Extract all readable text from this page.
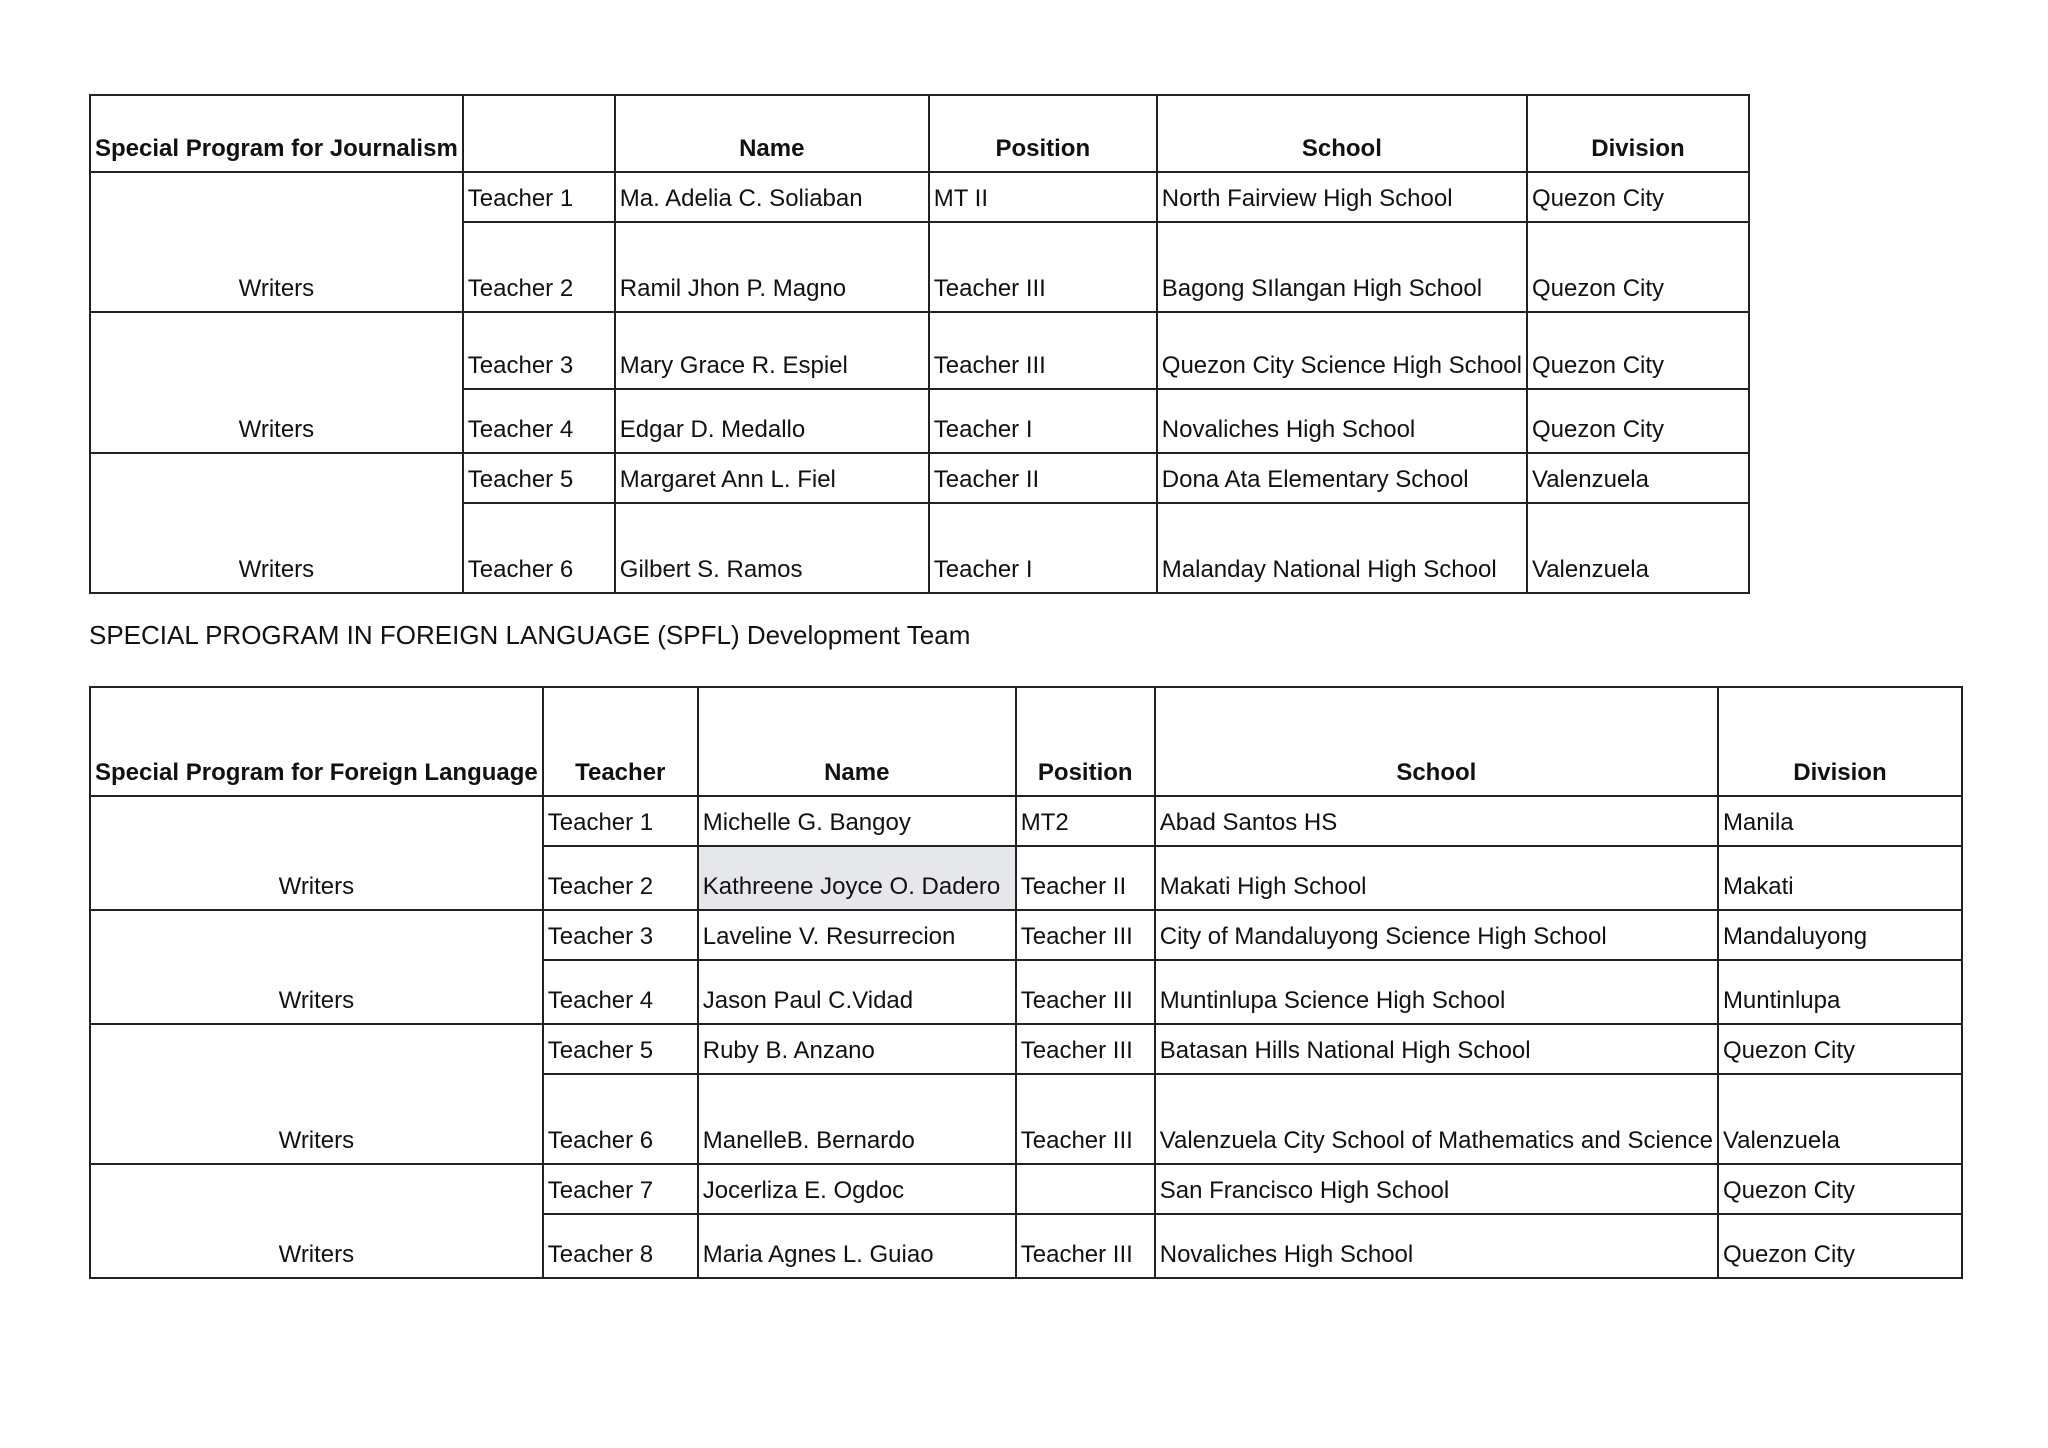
Special Program for Journalism		Name	Position	School	Division
Writers	Teacher 1	Ma. Adelia C. Soliaban	MT II	North Fairview High School	Quezon City
	Teacher 2	Ramil Jhon P. Magno	Teacher III	Bagong SIlangan High School	Quezon City
Writers	Teacher 3	Mary Grace R. Espiel	Teacher III	Quezon City Science High School	Quezon City
	Teacher 4	Edgar D. Medallo	Teacher I	Novaliches High School	Quezon City
Writers	Teacher 5	Margaret Ann L. Fiel	Teacher II	Dona Ata Elementary School	Valenzuela
	Teacher 6	Gilbert S. Ramos	Teacher I	Malanday National High School	Valenzuela
SPECIAL PROGRAM IN FOREIGN LANGUAGE (SPFL) Development Team
Special Program for Foreign Language	Teacher	Name	Position	School	Division
Writers	Teacher 1	Michelle G. Bangoy	MT2	Abad Santos HS	Manila
	Teacher 2	Kathreene Joyce O. Dadero	Teacher II	Makati High School	Makati
Writers	Teacher 3	Laveline V. Resurrecion	Teacher III	City of Mandaluyong Science High School	Mandaluyong
	Teacher 4	Jason Paul C.Vidad	Teacher III	Muntinlupa Science High School	Muntinlupa
Writers	Teacher 5	Ruby B. Anzano	Teacher III	Batasan Hills National High School	Quezon City
	Teacher 6	ManelleB. Bernardo	Teacher III	Valenzuela City School of Mathematics and Science	Valenzuela
Writers	Teacher 7	Jocerliza E. Ogdoc		San Francisco High School	Quezon City
	Teacher 8	Maria Agnes L. Guiao	Teacher III	Novaliches High School	Quezon City
